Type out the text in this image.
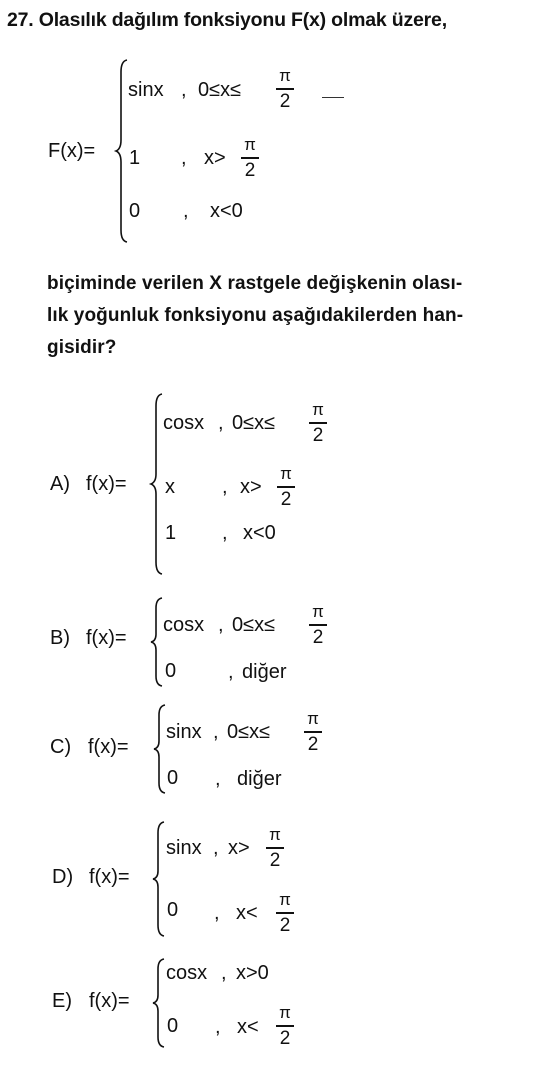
27. Olasılık dağılım fonksiyonu F(x) olmak üzere,
F(x)=
sinx , 0≤x≤
π
2
1 , x>
π
2
0 , x<0
biçiminde verilen X rastgele değişkenin olası-
lık yoğunluk fonksiyonu aşağıdakilerden han-
gisidir?
A) f(x)=
cosx , 0≤x≤
π
2
x , x>
π
2
1 , x<0
B) f(x)=
cosx , 0≤x≤
π
2
0	, diğer
C) f(x)=
sinx , 0≤x≤
π
2
0 , diğer
D) f(x)=
sinx , x>
π
2
0 , x<
π
2
E) f(x)=
cosx , x>0
0 , x<
π
2
